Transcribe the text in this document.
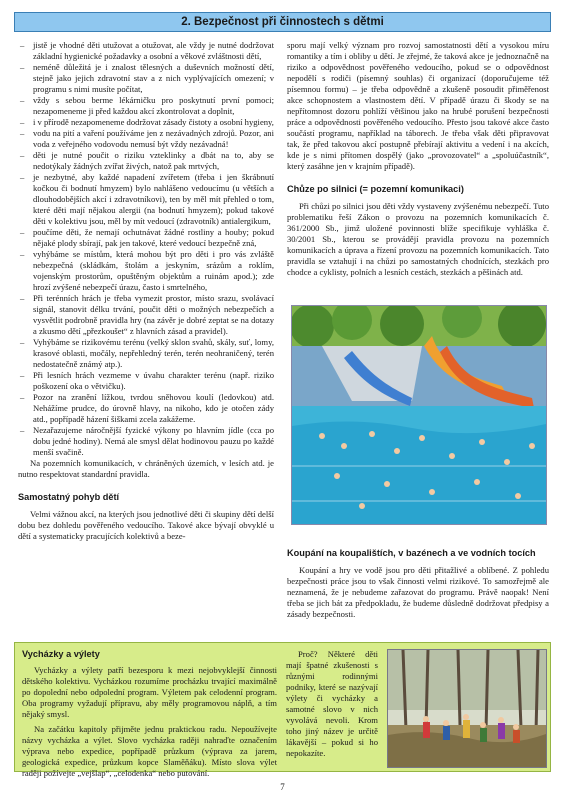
2. Bezpečnost při činnostech s dětmi
– jistě je vhodné děti utužovat a otužovat, ale vždy je nutné dodržovat základní hygienické požadavky a osobní a věkové zvláštnosti dětí,
– neméně důležitá je i znalost tělesných a duševních možností dětí, stejně jako jejich zdravotní stav a z nich vyplývajících omezení; v programu s nimi musíte počítat,
– vždy s sebou berme lékárničku pro poskytnutí první pomoci; nezapomeneme ji před každou akcí zkontrolovat a doplnit,
– i v přírodě nezapomeneme dodržovat zásady čistoty a osobní hygieny,
– vodu na pití a vaření používáme jen z nezávadných zdrojů. Pozor, ani voda z veřejného vodovodu nemusí být vždy nezávadná!
– děti je nutné poučit o riziku vzteklinky a dbát na to, aby se nedotýkaly žádných zvířat živých, natož pak mrtvých,
– je nezbytné, aby každé napadení zvířetem (třeba i jen škrábnutí kočkou či bodnutí hmyzem) bylo nahlášeno vedoucímu (u větších a dlouhodobějších akcí i zdravotníkovi), ten by měl mít přehled o tom, které děti mají nějakou alergii (na bodnutí hmyzem); pokud takové děti v kolektivu jsou, měl by mít vedoucí (zdravotník) antialergikum,
– poučíme děti, že nemají ochutnávat žádné rostliny a houby; pokud nějaké plody sbírají, pak jen takové, které vedoucí bezpečně zná,
– vyhýbáme se místům, která mohou být pro děti i pro vás zvláště nebezpečná (skládkám, štolám a jeskyním, srázům a roklím, vojenským prostorům, opuštěným objektům a ruinám apod.); zde hrozí zvýšené nebezpečí úrazu, často i smrtelného,
– Při terénních hrách je třeba vymezit prostor, místo srazu, svolávací signál, stanovit délku trvání, poučit děti o možných nebezpečích a vysvětlit podrobně pravidla hry (na závěr je dobré zeptat se na dotazy a zkusmo dětí „přezkoušet“ z hlavních zásad a pravidel).
– Vyhýbáme se rizikovému terénu (velký sklon svahů, skály, suť, lomy, krasové oblasti, močály, nepřehledný terén, terén neohraničený, terén nedostatečně známý atp.).
– Při lesních hrách vezmeme v úvahu charakter terénu (např. riziko poškození oka o větvičku).
– Pozor na zranění lížkou, tvrdou sněhovou koulí (ledovkou) atd. Nehážíme prudce, do úrovně hlavy, na nikoho, kdo je otočen zády atd., popřípadě házení šiškami zcela zakážeme.
– Nezařazujeme náročnější fyzické výkony po hlavním jídle (cca po dobu jedné hodiny). Nemá ale smysl dělat hodinovou pauzu po každé menší svačině.

Na pozemních komunikacích, v chráněných územích, v lesích atd. je nutno respektovat standardní pravidla.

Samostatný pohyb dětí

Velmi vážnou akcí, na kterých jsou jednotlivé děti či skupiny dětí delší dobu bez dohledu pověřeného vedoucího. Takové akce bývají obvyklé u dětí a systematicky pracujících kolektivů a beze-

sporu mají velký význam pro rozvoj samostatnosti dětí a vysokou míru romantiky a tím i obliby u dětí. Je zřejmé, že taková akce je jednoznačně na riziko a odpovědnost pověřeného vedoucího, pokud se o odpovědnost nepodělí s rodiči (písemný souhlas) či organizací (doporučujeme též písemnou formu) – je třeba odpovědně a zkušeně posoudit přiměřenost akce schopnostem a vlastnostem dětí. V případě úrazu či škody se na nepřítomnost dozoru pohlíží většinou jako na hrubé porušení bezpečnosti práce a odpovědnosti pověřeného vedoucího. Přesto jsou takové akce často součástí programu, například na táborech. Je třeba však děti připravovat tak, že před takovou akcí postupně přebírají aktivitu a vedení i na akcích, kde je s nimi přítomen dospělý (jako „provozovatel“ a „spoluúčastník“, který zasáhne jen v krajním případě).

Chůze po silnici (= pozemní komunikaci)

Při chůzi po silnici jsou děti vždy vystaveny zvýšenému nebezpečí. Tuto problematiku řeší Zákon o provozu na pozemních komunikacích č. 361/2000 Sb., jimž uložené povinnosti blíže specifikuje vyhláška č. 30/2001 Sb., kterou se provádějí pravidla provozu na pozemních komunikacích a úprava a řízení provozu na pozemních komunikacích. Tato pravidla se vztahují i na chůzi po samostatných chodnících, stezkách pro chodce a cyklisty, polních a lesních cestách, stezkách a pěšinách atd.

Koupání na koupalištích, v bazénech a ve vodních tocích

Koupání a hry ve vodě jsou pro děti přitažlivé a oblíbené. Z pohledu bezpečnosti práce jsou to však činnosti velmi rizikové. To samozřejmě ale neznamená, že je nebudeme zařazovat do programu. Právě naopak! Není třeba se jich bát za předpokladu, že budeme důsledně dodržovat předpisy a zásady bezpečnosti.

Vycházky a výlety

Vycházky a výlety patří bezesporu k mezi nejobvyklejší činnosti dětského kolektivu. Vycházkou rozumíme procházku trvající maximálně po dopolední nebo odpolední program. Výletem pak celodenní program. Oba programy vyžadují přípravu, aby měly programovou náplň, a tím nějaký smysl.

Na začátku kapitoly přijměte jednu praktickou radu. Nepoužívejte názvy vycházka a výlet. Slovo vycházka raději nahraďte označením výprava nebo expedice, popřípadě průzkum (výprava za jarem, geologická expedice, průzkum kopce Slaměňáku). Místo slova výlet raději požívejte „vejšlap“, „celodenka“ nebo putování.

Proč? Některé děti mají špatné zkušenosti s různými rodinnými podniky, které se nazývají výlety či vycházky a samotné slovo v nich vyvolává nevoli. Krom toho jiný název je určitě lákavější – pokud si ho nepokazíte.

7
